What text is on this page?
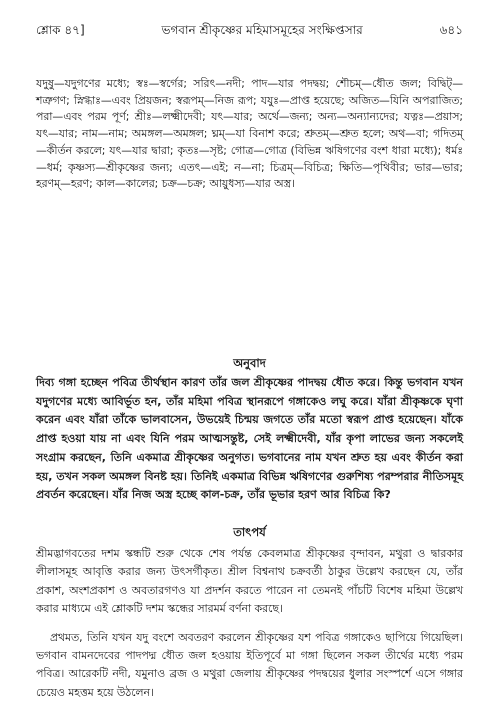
শ্লোক ৪৭]	ভগবান শ্রীকৃষ্ণের মহিমাসমূহের সংক্ষিপ্তসার	৬৪১

যদুষু—যদুগণের মধ্যে; স্বঃ—স্বর্গের; সরিৎ—নদী; পাদ—যার পদদ্বয়; শৌচম্—ধৌত জল; বিদ্বিট্—শত্রুগণ; স্নিগ্ধাঃ—এবং প্রিয়জন; স্বরূপম্—নিজ রূপ; যযুঃ—প্রাপ্ত হয়েছে; অজিত—যিনি অপরাজিত; পরা—এবং পরম পূর্ণ; শ্রীঃ—লক্ষ্মীদেবী; যৎ—যার; অর্থে—জন্য; অন্য—অন্যান্যদের; যত্নঃ—প্রয়াস; যৎ—যার; নাম—নাম; অমঙ্গল—অমঙ্গল; ঘ্নম্—যা বিনাশ করে; শ্রুতম্—শ্রুত হলে; অথ—বা; গদিতম্—কীর্তন করলে; যৎ—যার দ্বারা; কৃতঃ—সৃষ্ট; গোত্র—গোত্র (বিভিন্ন ঋষিগণের বংশ ধারা মধ্যে); ধর্মঃ—ধর্ম; কৃষ্ণস্য—শ্রীকৃষ্ণের জন্য; এতৎ—এই; ন—না; চিত্রম্—বিচিত্র; ক্ষিতি—পৃথিবীর; ভার—ভার; হরণম্—হরণ; কাল—কালের; চক্র—চক্র; আয়ুধস্য—যার অস্ত্র।

অনুবাদ

দিব্য গঙ্গা হচ্ছেন পবিত্র তীর্থস্থান কারণ তাঁর জল শ্রীকৃষ্ণের পাদদ্বয় ধৌত করে। কিন্তু ভগবান যখন যদুগণের মধ্যে আবির্ভূত হন, তাঁর মহিমা পবিত্র স্থানরূপে গঙ্গাকেও লঘু করে। যাঁরা শ্রীকৃষ্ণকে ঘৃণা করেন এবং যাঁরা তাঁকে ভালবাসেন, উভয়েই চিন্ময় জগতে তাঁর মতো স্বরূপ প্রাপ্ত হয়েছেন। যাঁকে প্রাপ্ত হওয়া যায় না এবং যিনি পরম আত্মসন্তুষ্ট, সেই লক্ষ্মীদেবী, যাঁর কৃপা লাভের জন্য সকলেই সংগ্রাম করছেন, তিনি একমাত্র শ্রীকৃষ্ণের অনুগত। ভগবানের নাম যখন শ্রুত হয় এবং কীর্তন করা হয়, তখন সকল অমঙ্গল বিনষ্ট হয়। তিনিই একমাত্র বিভিন্ন ঋষিগণের গুরুশিষ্য পরম্পরার নীতিসমূহ প্রবর্তন করেছেন। যাঁর নিজ অস্ত্র হচ্ছে কাল-চক্র, তাঁর ভূভার হরণ আর বিচিত্র কি?

তাৎপর্য

শ্রীমদ্ভাগবতের দশম স্কন্ধটি শুরু থেকে শেষ পর্যন্ত কেবলমাত্র শ্রীকৃষ্ণের বৃন্দাবন, মথুরা ও দ্বারকার লীলাসমূহ আবৃত্তি করার জন্য উৎসর্গীকৃত। শ্রীল বিশ্বনাথ চক্রবর্তী ঠাকুর উল্লেখ করছেন যে, তাঁর প্রকাশ, অংশপ্রকাশ ও অবতারগণও যা প্রদর্শন করতে পারেন না তেমনই পাঁচটি বিশেষ মহিমা উল্লেখ করার মাধ্যমে এই শ্লোকটি দশম স্কন্ধের সারমর্ম বর্ণনা করছে।

প্রথমত, তিনি যখন যদু বংশে অবতরণ করলেন শ্রীকৃষ্ণের যশ পবিত্র গঙ্গাকেও ছাপিয়ে গিয়েছিল। ভগবান বামনদেবের পাদপদ্ম ধৌত জল হওয়ায় ইতিপূর্বে মা গঙ্গা ছিলেন সকল তীর্থের মধ্যে পরম পবিত্র। আরেকটি নদী, যমুনাও ব্রজ ও মথুরা জেলায় শ্রীকৃষ্ণের পদদ্বয়ের ধুলার সংস্পর্শে এসে গঙ্গার চেয়েও মহত্তম হয়ে উঠলেন।
